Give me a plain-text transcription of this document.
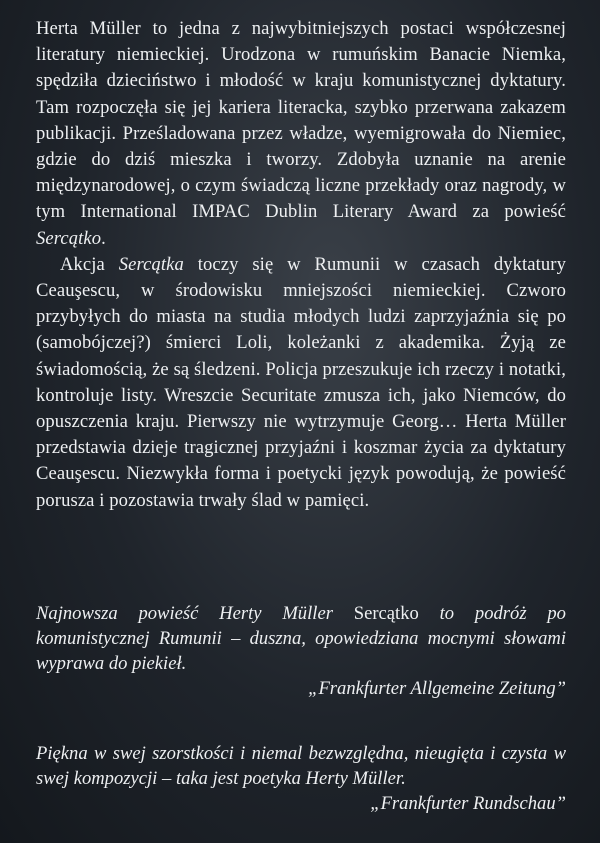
Herta Müller to jedna z najwybitniejszych postaci współczesnej literatury niemieckiej. Urodzona w rumuńskim Banacie Niemka, spędziła dzieciństwo i młodość w kraju komunistycznej dyktatury. Tam rozpoczęła się jej kariera literacka, szybko przerwana zakazem publikacji. Prześladowana przez władze, wyemigrowała do Niemiec, gdzie do dziś mieszka i tworzy. Zdobyła uznanie na arenie międzynarodowej, o czym świadczą liczne przekłady oraz nagrody, w tym International IMPAC Dublin Literary Award za powieść Sercątko.

Akcja Sercątka toczy się w Rumunii w czasach dyktatury Ceauşescu, w środowisku mniejszości niemieckiej. Czworo przybyłych do miasta na studia młodych ludzi zaprzyjaźnia się po (samobójczej?) śmierci Loli, koleżanki z akademika. Żyją ze świadomością, że są śledzeni. Policja przeszukuje ich rzeczy i notatki, kontroluje listy. Wreszcie Securitate zmusza ich, jako Niemców, do opuszczenia kraju. Pierwszy nie wytrzymuje Georg… Herta Müller przedstawia dzieje tragicznej przyjaźni i koszmar życia za dyktatury Ceauşescu. Niezwykła forma i poetycki język powodują, że powieść porusza i pozostawia trwały ślad w pamięci.

Najnowsza powieść Herty Müller Sercątko to podróż po komunistycznej Rumunii – duszna, opowiedziana mocnymi słowami wyprawa do piekieł.

„Frankfurter Allgemeine Zeitung”

Piękna w swej szorstkości i niemal bezwzględna, nieugięta i czysta w swej kompozycji – taka jest poetyka Herty Müller.

„Frankfurter Rundschau”
